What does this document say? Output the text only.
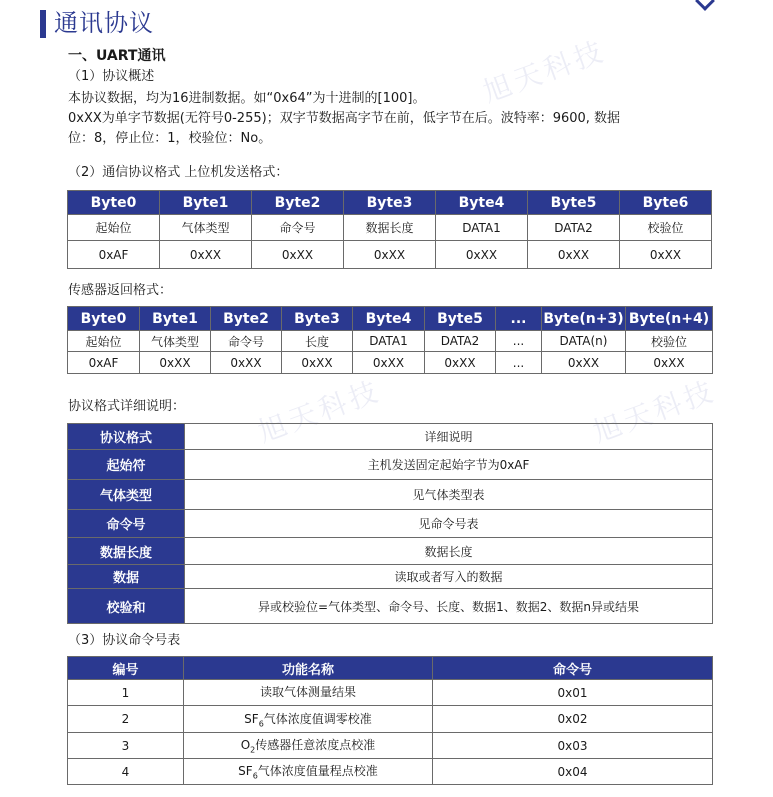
通讯协议
旭天科技
旭天科技	旭天科技
一、UART通讯
（1）协议概述
本协议数据，均为16进制数据。如“0x64”为十进制的[100]。
0xXX为单字节数据(无符号0-255)；双字节数据高字节在前，低字节在后。波特率：9600, 数据
位：8，停止位：1，校验位：No。
（2）通信协议格式 上位机发送格式：
Byte0	Byte1	Byte2	Byte3	Byte4	Byte5	Byte6
起始位	气体类型	命令号	数据长度	DATA1	DATA2	校验位
0xAF	0xXX	0xXX	0xXX	0xXX	0xXX	0xXX
传感器返回格式：
Byte0	Byte1	Byte2	Byte3	Byte4	Byte5	...	Byte(n+3)	Byte(n+4)
起始位	气体类型	命令号	长度	DATA1	DATA2	...	DATA(n)	校验位
0xAF	0xXX	0xXX	0xXX	0xXX	0xXX	...	0xXX	0xXX
协议格式详细说明：
协议格式	详细说明
起始符	主机发送固定起始字节为0xAF
气体类型	见气体类型表
命令号	见命令号表
数据长度	数据长度
数据	读取或者写入的数据
校验和	异或校验位=气体类型、命令号、长度、数据1、数据2、数据n异或结果
（3）协议命令号表
编号	功能名称	命令号
1	读取气体测量结果	0x01
2	$SF_6$气体浓度值调零校准	0x02
3	$O_2$传感器任意浓度点校准	0x03
4	$SF_6$气体浓度值量程点校准	0x04
